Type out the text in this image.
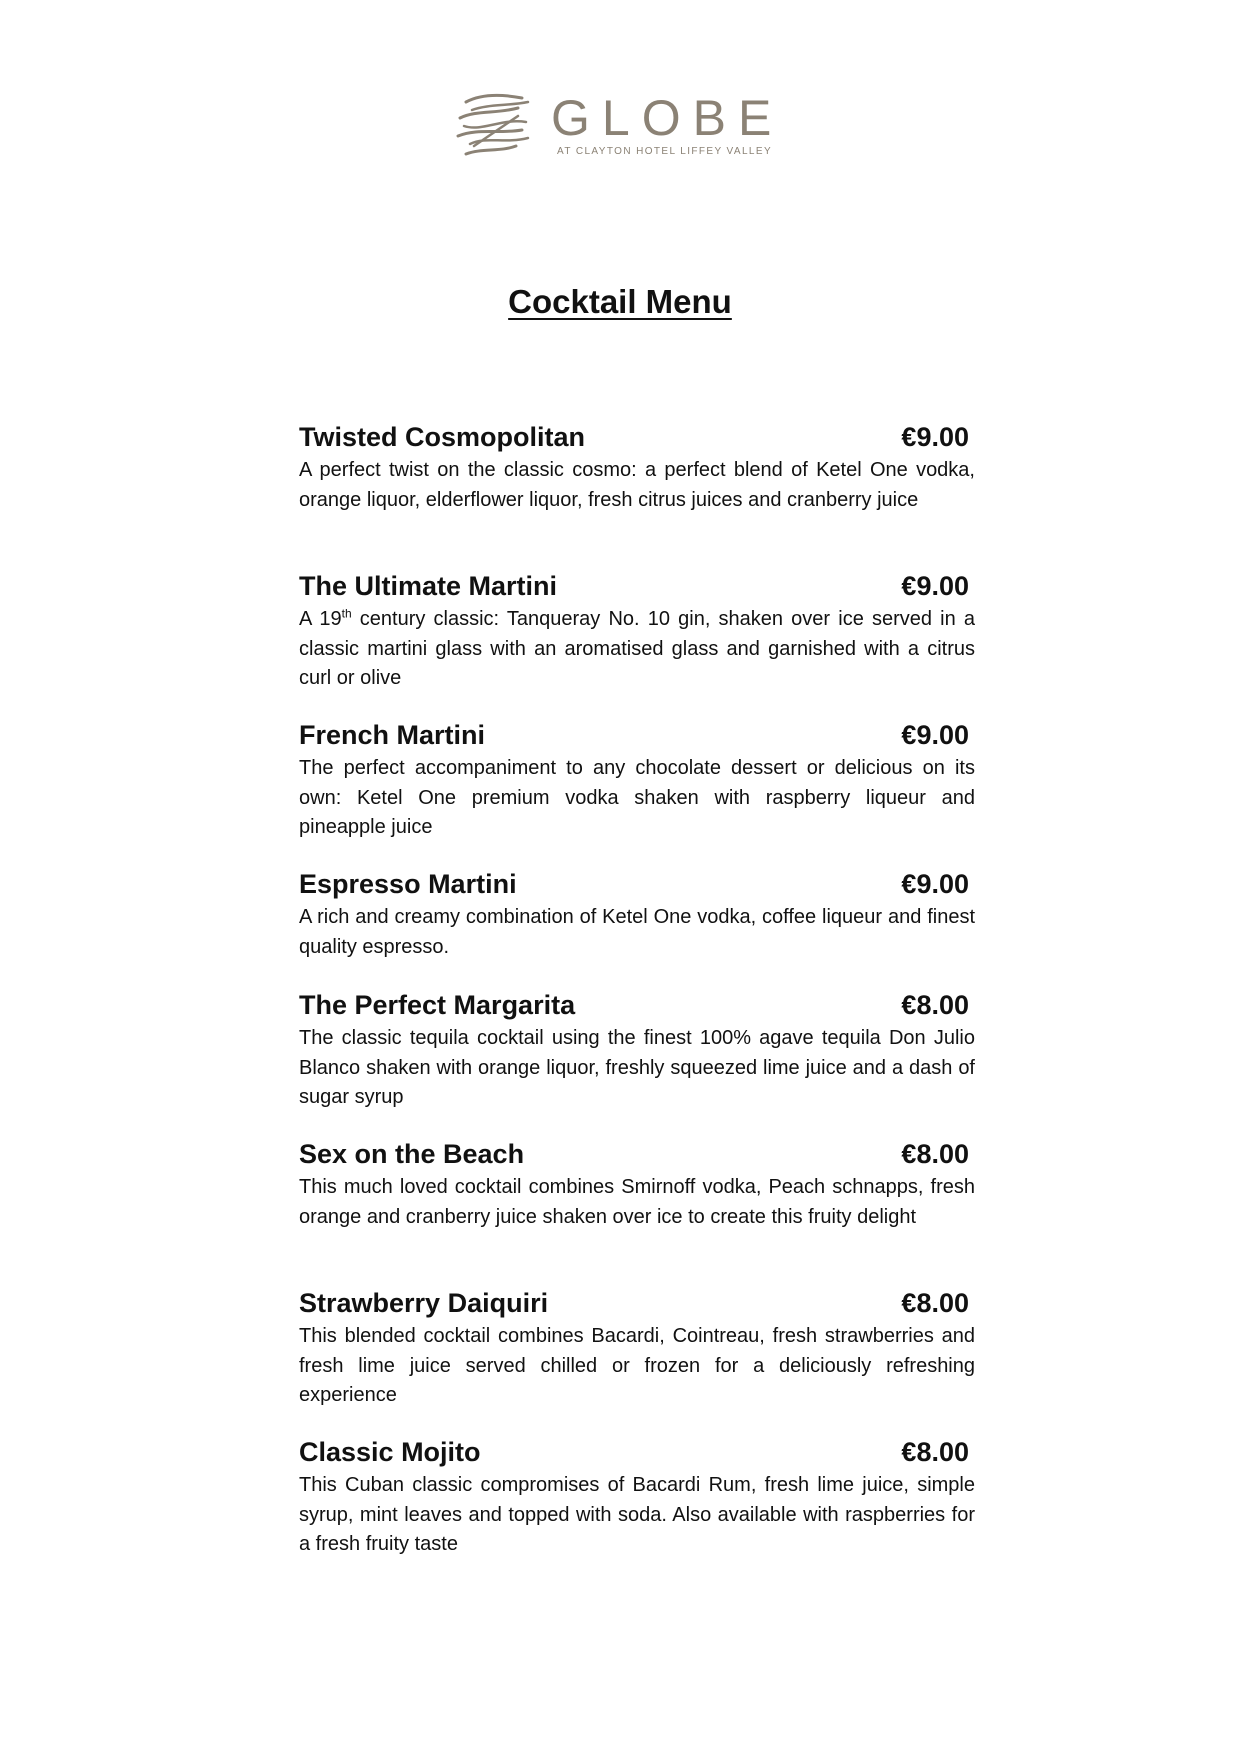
GLOBE
AT CLAYTON HOTEL LIFFEY VALLEY
Cocktail Menu
Twisted Cosmopolitan	€9.00
A perfect twist on the classic cosmo: a perfect blend of Ketel One vodka, orange liquor, elderflower liquor, fresh citrus juices and cranberry juice
The Ultimate Martini	€9.00
A 19th century classic: Tanqueray No. 10 gin, shaken over ice served in a classic martini glass with an aromatised glass and garnished with a citrus curl or olive
French Martini	€9.00
The perfect accompaniment to any chocolate dessert or delicious on its own: Ketel One premium vodka shaken with raspberry liqueur and pineapple juice
Espresso Martini	€9.00
A rich and creamy combination of Ketel One vodka, coffee liqueur and finest quality espresso.
The Perfect Margarita	€8.00
The classic tequila cocktail using the finest 100% agave tequila Don Julio Blanco shaken with orange liquor, freshly squeezed lime juice and a dash of sugar syrup
Sex on the Beach	€8.00
This much loved cocktail combines Smirnoff vodka, Peach schnapps, fresh orange and cranberry juice shaken over ice to create this fruity delight
Strawberry Daiquiri	€8.00
This blended cocktail combines Bacardi, Cointreau, fresh strawberries and fresh lime juice served chilled or frozen for a deliciously refreshing experience
Classic Mojito	€8.00
This Cuban classic compromises of Bacardi Rum, fresh lime juice, simple syrup, mint leaves and topped with soda. Also available with raspberries for a fresh fruity taste
